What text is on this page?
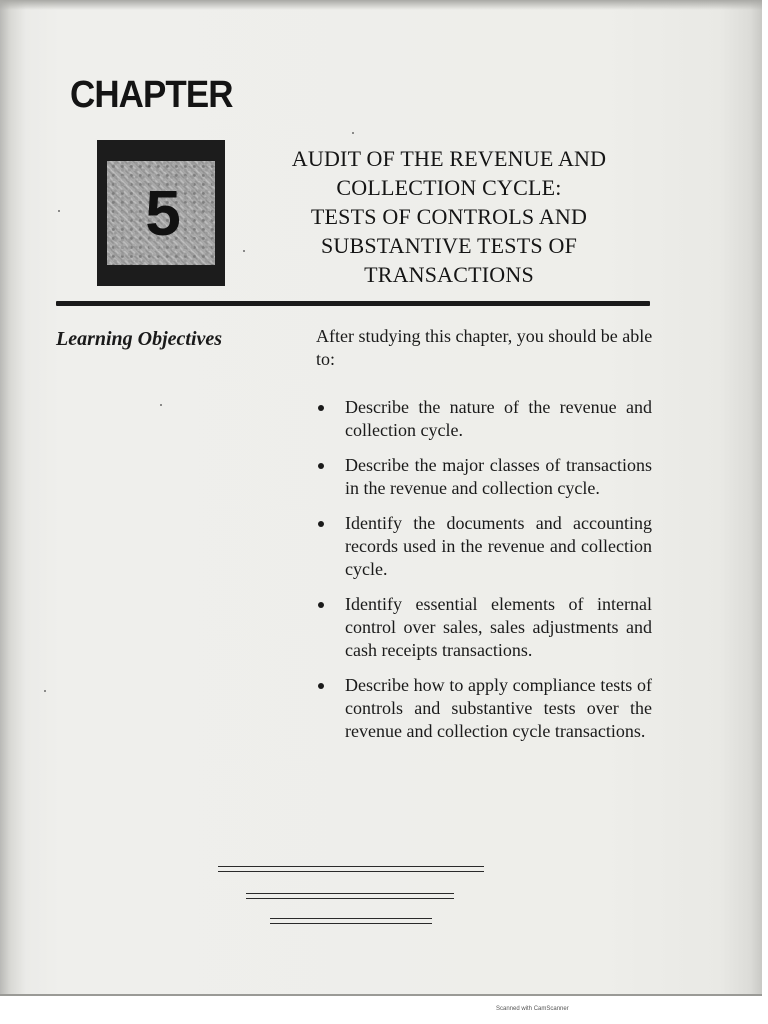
CHAPTER
5
AUDIT OF THE REVENUE AND
COLLECTION CYCLE:
TESTS OF CONTROLS AND
SUBSTANTIVE TESTS OF
TRANSACTIONS
Learning Objectives	After studying this chapter, you should be able to:
Describe the nature of the revenue and collection cycle.
Describe the major classes of transactions in the revenue and collection cycle.
Identify the documents and accounting records used in the revenue and collection cycle.
Identify essential elements of internal control over sales, sales adjustments and cash receipts transactions.
Describe how to apply compliance tests of controls and substantive tests over the revenue and collection cycle transactions.
Scanned with CamScanner
